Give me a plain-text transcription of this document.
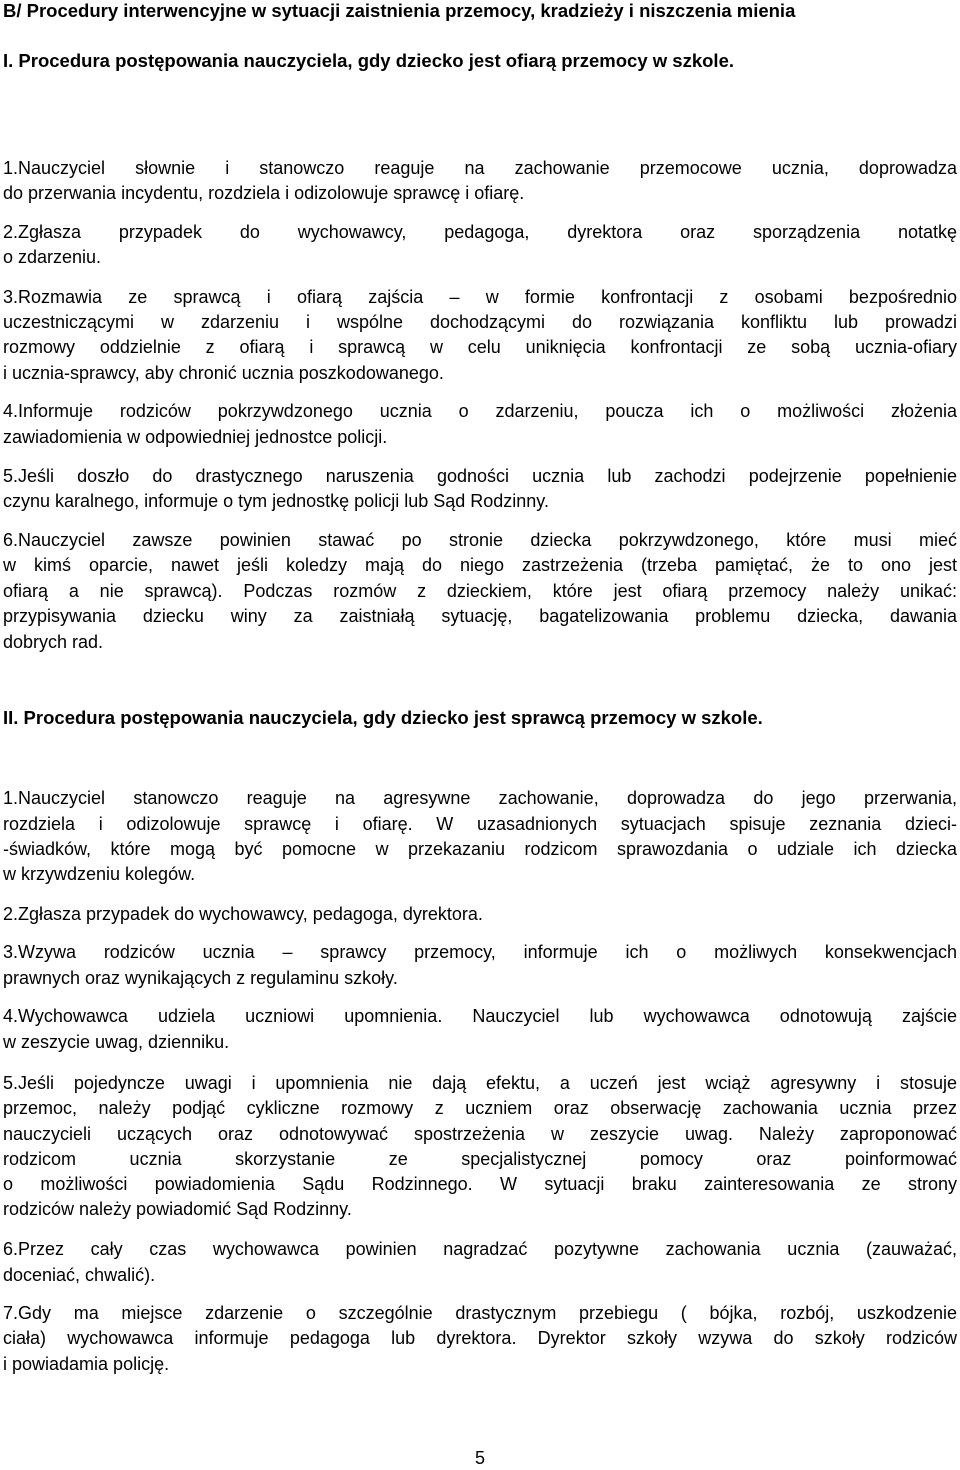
B/ Procedury interwencyjne w sytuacji zaistnienia przemocy, kradzieży i niszczenia mienia
I. Procedura postępowania nauczyciela, gdy dziecko jest ofiarą przemocy w szkole.
1.Nauczyciel słownie i stanowczo reaguje na zachowanie przemocowe ucznia, doprowadza
do przerwania incydentu, rozdziela i odizolowuje sprawcę i ofiarę.
2.Zgłasza przypadek do wychowawcy, pedagoga, dyrektora oraz sporządzenia notatkę
o zdarzeniu.
3.Rozmawia ze sprawcą i ofiarą zajścia – w formie konfrontacji z osobami bezpośrednio
uczestniczącymi w zdarzeniu i wspólne dochodzącymi do rozwiązania konfliktu lub prowadzi
rozmowy oddzielnie z ofiarą i sprawcą w celu uniknięcia konfrontacji ze sobą ucznia-ofiary
i ucznia-sprawcy, aby chronić ucznia poszkodowanego.
4.Informuje rodziców pokrzywdzonego ucznia o zdarzeniu, poucza ich o możliwości złożenia
zawiadomienia w odpowiedniej jednostce policji.
5.Jeśli doszło do drastycznego naruszenia godności ucznia lub zachodzi podejrzenie popełnienie
czynu karalnego, informuje o tym jednostkę policji lub Sąd Rodzinny.
6.Nauczyciel zawsze powinien stawać po stronie dziecka pokrzywdzonego, które musi mieć
w kimś oparcie, nawet jeśli koledzy mają do niego zastrzeżenia (trzeba pamiętać, że to ono jest
ofiarą a nie sprawcą). Podczas rozmów z dzieckiem, które jest ofiarą przemocy należy unikać:
przypisywania dziecku winy za zaistniałą sytuację, bagatelizowania problemu dziecka, dawania
dobrych rad.
II. Procedura postępowania nauczyciela, gdy dziecko jest sprawcą przemocy w szkole.
1.Nauczyciel stanowczo reaguje na agresywne zachowanie, doprowadza do jego przerwania,
rozdziela i odizolowuje sprawcę i ofiarę. W uzasadnionych sytuacjach spisuje zeznania dzieci-
-świadków, które mogą być pomocne w przekazaniu rodzicom sprawozdania o udziale ich dziecka
w krzywdzeniu kolegów.
2.Zgłasza przypadek do wychowawcy, pedagoga, dyrektora.
3.Wzywa rodziców ucznia – sprawcy przemocy, informuje ich o możliwych konsekwencjach
prawnych oraz wynikających z regulaminu szkoły.
4.Wychowawca udziela uczniowi upomnienia. Nauczyciel lub wychowawca odnotowują zajście
w zeszycie uwag, dzienniku.
5.Jeśli pojedyncze uwagi i upomnienia nie dają efektu, a uczeń jest wciąż agresywny i stosuje
przemoc, należy podjąć cykliczne rozmowy z uczniem oraz obserwację zachowania ucznia przez
nauczycieli uczących oraz odnotowywać spostrzeżenia w zeszycie uwag. Należy zaproponować
rodzicom ucznia skorzystanie ze specjalistycznej pomocy oraz poinformować
o możliwości powiadomienia Sądu Rodzinnego. W sytuacji braku zainteresowania ze strony
rodziców należy powiadomić Sąd Rodzinny.
6.Przez cały czas wychowawca powinien nagradzać pozytywne zachowania ucznia (zauważać,
doceniać, chwalić).
7.Gdy ma miejsce zdarzenie o szczególnie drastycznym przebiegu ( bójka, rozbój, uszkodzenie
ciała) wychowawca informuje pedagoga lub dyrektora. Dyrektor szkoły wzywa do szkoły rodziców
i powiadamia policję.
5
